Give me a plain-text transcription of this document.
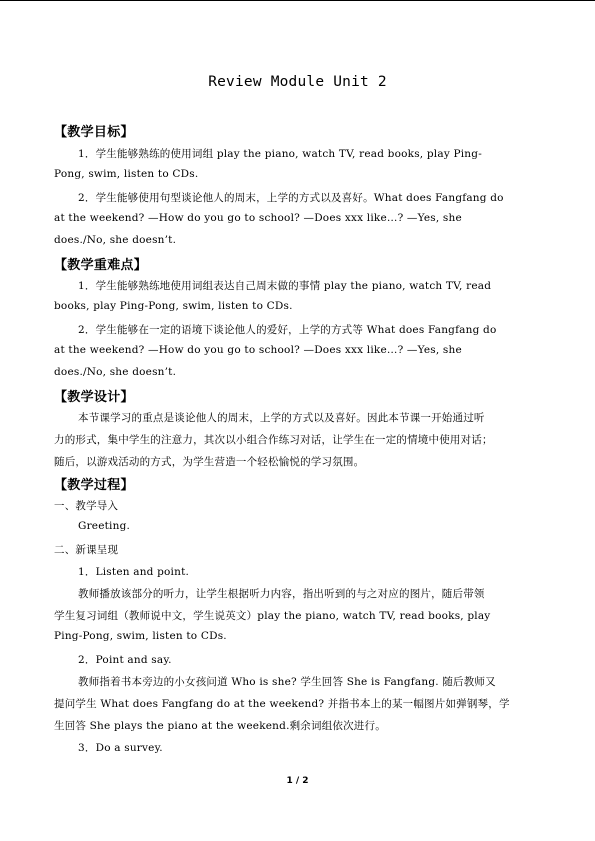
Review Module Unit 2
【教学目标】
1．学生能够熟练的使用词组 play the piano, watch TV, read books, play Ping-
Pong, swim, listen to CDs.
2．学生能够使用句型谈论他人的周末，上学的方式以及喜好。What does Fangfang do
at the weekend? —How do you go to school? —Does xxx like…? —Yes, she
does./No, she doesn’t.
【教学重难点】
1．学生能够熟练地使用词组表达自己周末做的事情 play the piano, watch TV, read
books, play Ping-Pong, swim, listen to CDs.
2．学生能够在一定的语境下谈论他人的爱好，上学的方式等 What does Fangfang do
at the weekend? —How do you go to school? —Does xxx like…? —Yes, she
does./No, she doesn’t.
【教学设计】
本节课学习的重点是谈论他人的周末，上学的方式以及喜好。因此本节课一开始通过听
力的形式，集中学生的注意力，其次以小组合作练习对话，让学生在一定的情境中使用对话；
随后，以游戏活动的方式，为学生营造一个轻松愉悦的学习氛围。
【教学过程】
一、教学导入
Greeting.
二、新课呈现
1．Listen and point.
教师播放该部分的听力，让学生根据听力内容，指出听到的与之对应的图片，随后带领
学生复习词组（教师说中文，学生说英文）play the piano, watch TV, read books, play
Ping-Pong, swim, listen to CDs.
2．Point and say.
教师指着书本旁边的小女孩问道 Who is she? 学生回答 She is Fangfang. 随后教师又
提问学生 What does Fangfang do at the weekend? 并指书本上的某一幅图片如弹钢琴，学
生回答 She plays the piano at the weekend.剩余词组依次进行。
3．Do a survey.
1 / 2
